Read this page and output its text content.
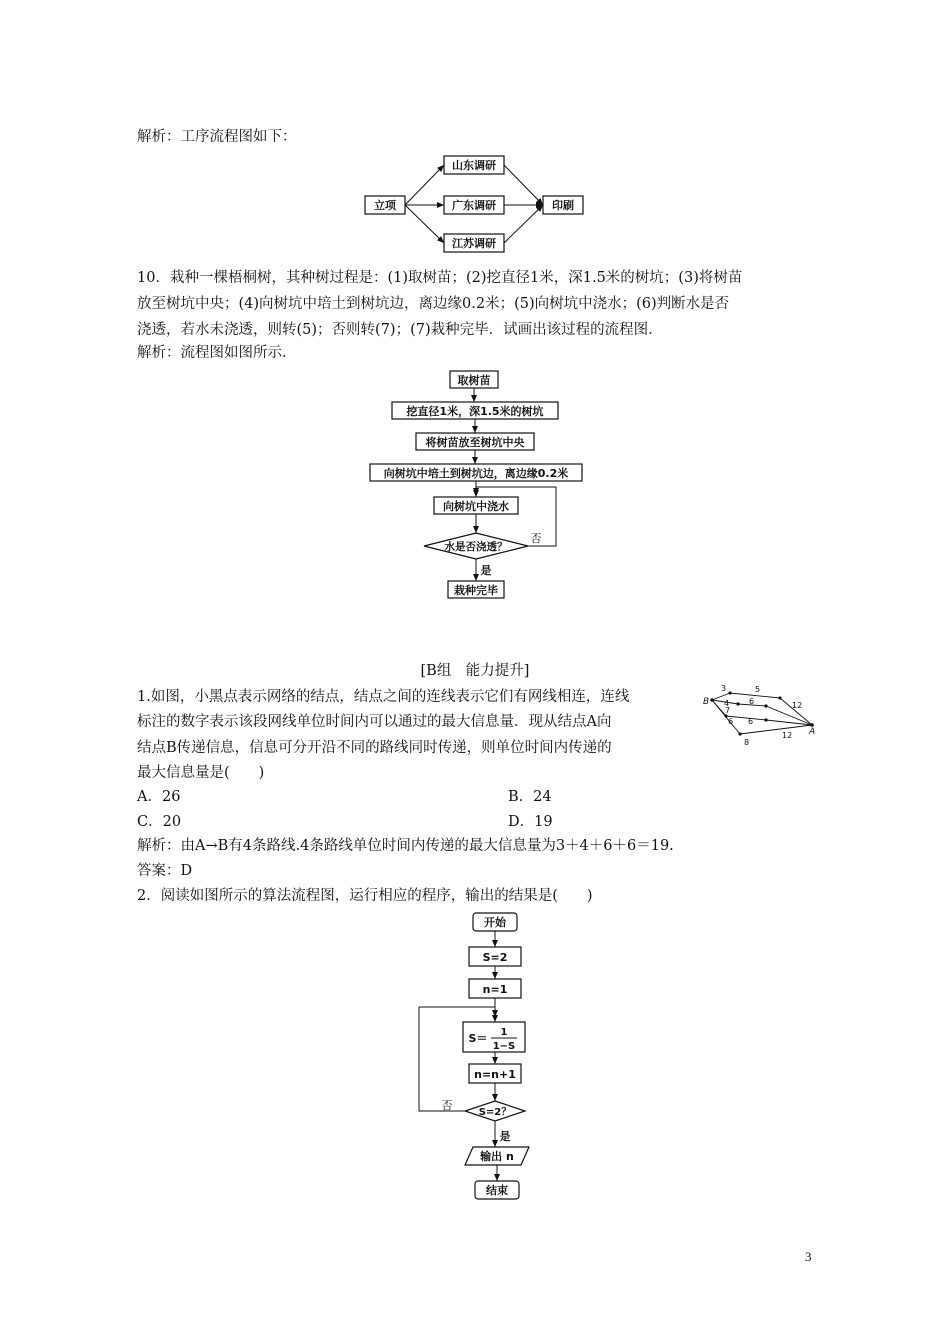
解析：工序流程图如下：
立项
山东调研
广东调研
江苏调研
印刷
10．栽种一棵梧桐树，其种树过程是：(1)取树苗；(2)挖直径1米，深1.5米的树坑；(3)将树苗
放至树坑中央；(4)向树坑中培土到树坑边，离边缘0.2米；(5)向树坑中浇水；(6)判断水是否
浇透，若水未浇透，则转(5)；否则转(7)；(7)栽种完毕．试画出该过程的流程图．
解析：流程图如图所示．
取树苗
挖直径1米，深1.5米的树坑
将树苗放至树坑中央
向树坑中培土到树坑边，离边缘0.2米
向树坑中浇水
水是否浇透？
栽种完毕
否
是
[B组　能力提升]
1.如图，小黑点表示网络的结点，结点之间的连线表示它们有网线相连，连线
标注的数字表示该段网线单位时间内可以通过的最大信息量．现从结点A向
结点B传递信息，信息可分开沿不同的路线同时传递，则单位时间内传递的
最大信息量是(　　)
B
A
3	5
4 6	12
7
6
6
12
8
A．26	B．24
C．20	D．19
解析：由A→B有4条路线.4条路线单位时间内传递的最大信息量为3＋4＋6＋6＝19.
答案：D
2．阅读如图所示的算法流程图，运行相应的程序，输出的结果是(　　)
开始
S=2
n=1
S＝ 1
1−S
n=n+1
S=2？
输出 n
结束
否
是
3
